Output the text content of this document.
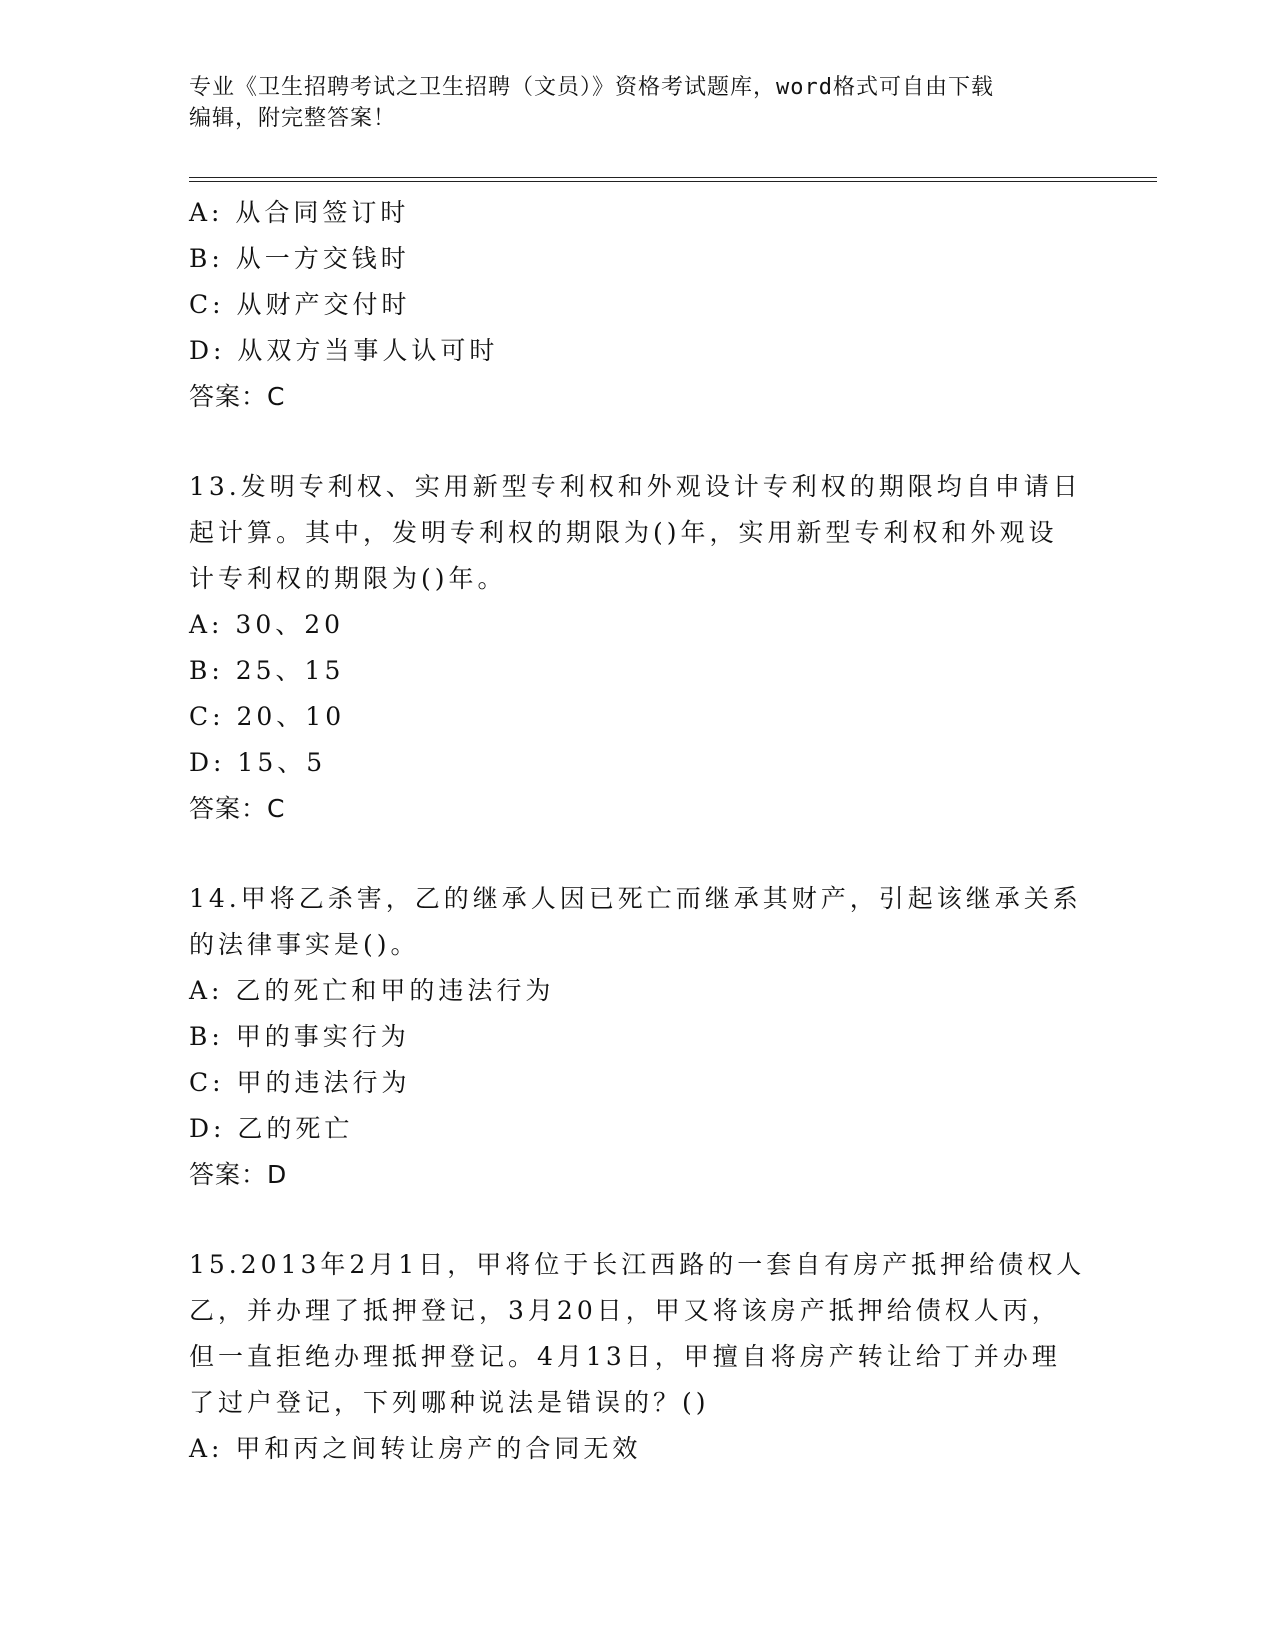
专业《卫生招聘考试之卫生招聘（文员）》资格考试题库，word格式可自由下载
编辑，附完整答案！
A: 从合同签订时
B: 从一方交钱时
C: 从财产交付时
D: 从双方当事人认可时
答案：C
13.发明专利权、实用新型专利权和外观设计专利权的期限均自申请日
起计算。其中，发明专利权的期限为()年，实用新型专利权和外观设
计专利权的期限为()年。
A: 30、20
B: 25、15
C: 20、10
D: 15、5
答案：C
14.甲将乙杀害，乙的继承人因已死亡而继承其财产，引起该继承关系
的法律事实是()。
A: 乙的死亡和甲的违法行为
B: 甲的事实行为
C: 甲的违法行为
D: 乙的死亡
答案：D
15.2013年2月1日，甲将位于长江西路的一套自有房产抵押给债权人
乙，并办理了抵押登记，3月20日，甲又将该房产抵押给债权人丙，
但一直拒绝办理抵押登记。4月13日，甲擅自将房产转让给丁并办理
了过户登记，下列哪种说法是错误的？()
A: 甲和丙之间转让房产的合同无效
